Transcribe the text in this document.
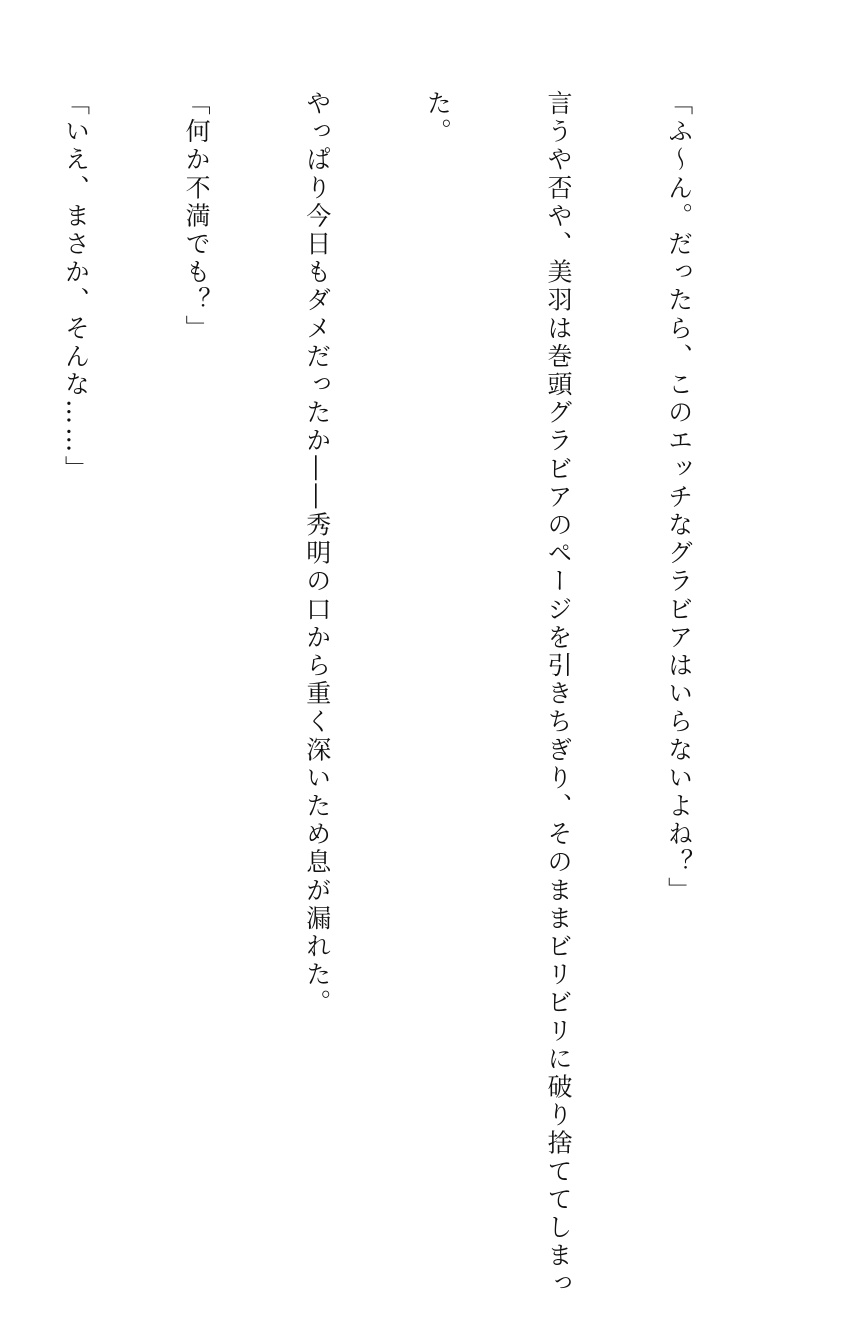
「ふ～ん。だったら、このエッチなグラビアはいらないよね？」

言うや否や、美羽は巻頭グラビアのページを引きちぎり、そのままビリビリに破り捨ててしまっ

た。

やっぱり今日もダメだったか――秀明の口から重く深いため息が漏れた。

「何か不満でも？」

「いえ、まさか、そんな……」
